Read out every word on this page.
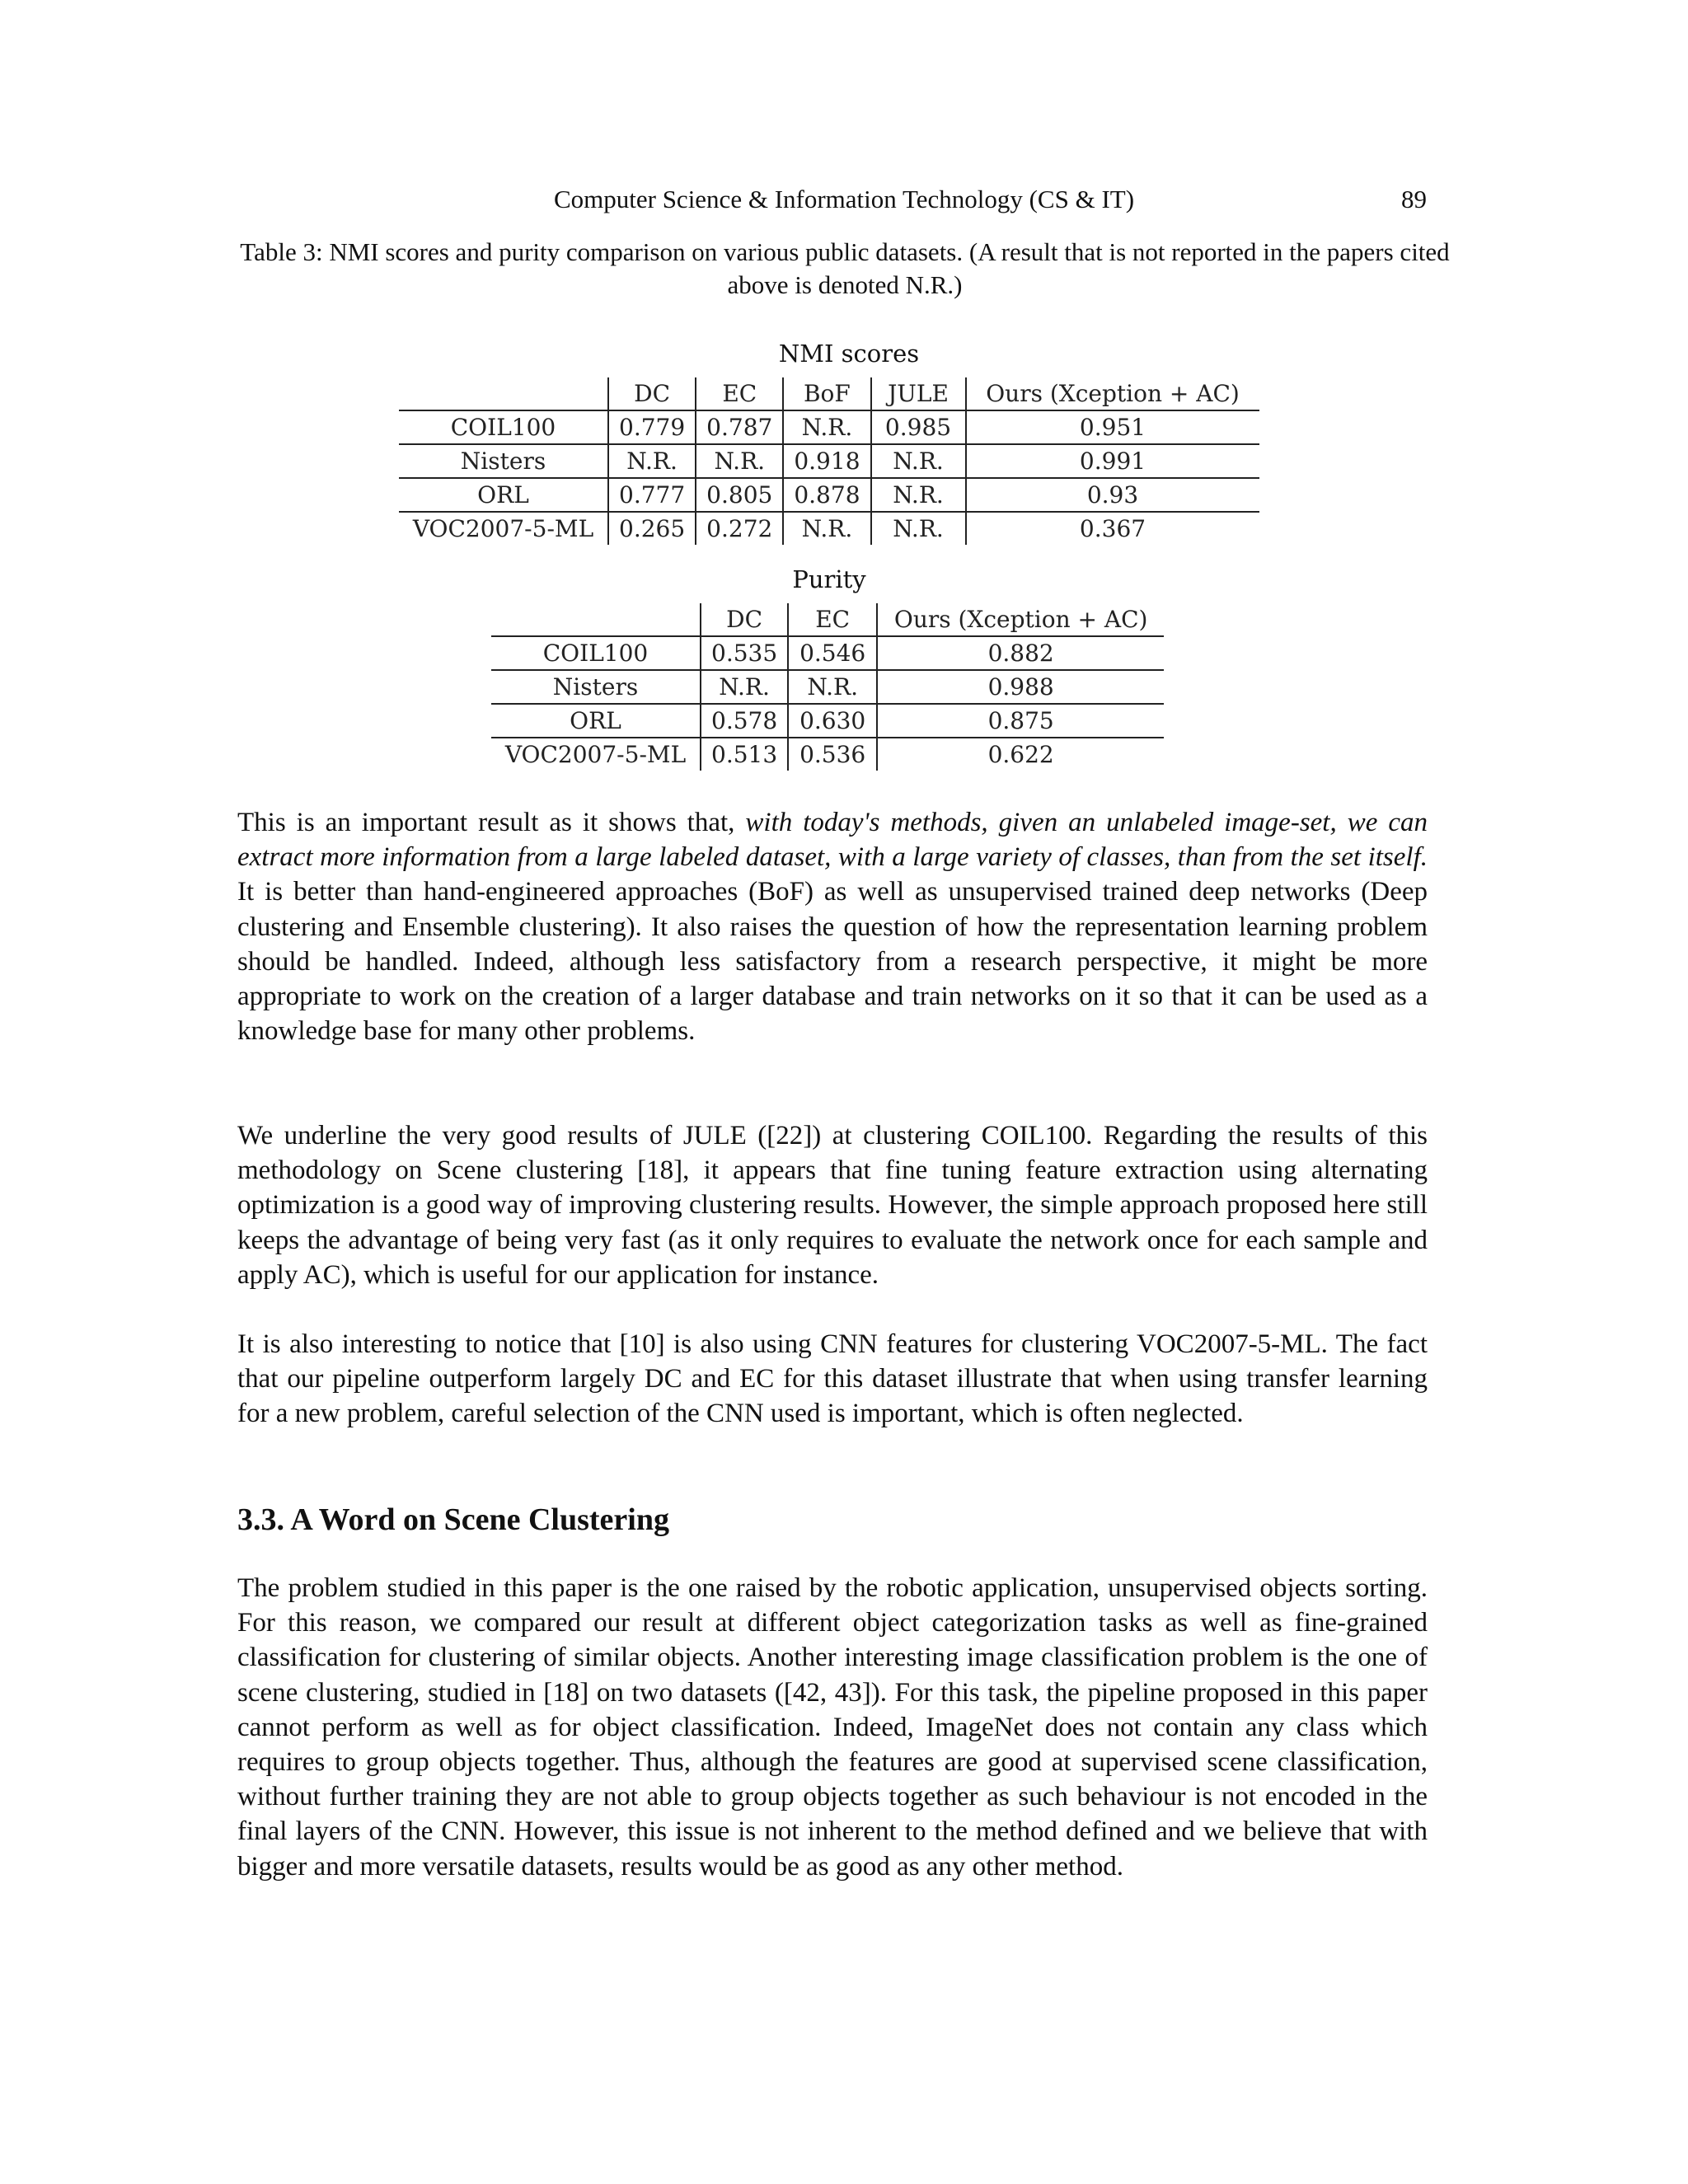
Computer Science & Information Technology (CS & IT)	89
Table 3: NMI scores and purity comparison on various public datasets. (A result that is not reported in the papers cited above is denoted N.R.)
NMI scores
	DC	EC	BoF	JULE	Ours (Xception + AC)
COIL100	0.779	0.787	N.R.	0.985	0.951
Nisters	N.R.	N.R.	0.918	N.R.	0.991
ORL	0.777	0.805	0.878	N.R.	0.93
VOC2007-5-ML	0.265	0.272	N.R.	N.R.	0.367
Purity
	DC	EC	Ours (Xception + AC)
COIL100	0.535	0.546	0.882
Nisters	N.R.	N.R.	0.988
ORL	0.578	0.630	0.875
VOC2007-5-ML	0.513	0.536	0.622

This is an important result as it shows that, with today's methods, given an unlabeled image-set, we can extract more information from a large labeled dataset, with a large variety of classes, than from the set itself. It is better than hand-engineered approaches (BoF) as well as unsupervised trained deep networks (Deep clustering and Ensemble clustering). It also raises the question of how the representation learning problem should be handled. Indeed, although less satisfactory from a research perspective, it might be more appropriate to work on the creation of a larger database and train networks on it so that it can be used as a knowledge base for many other problems.

We underline the very good results of JULE ([22]) at clustering COIL100. Regarding the results of this methodology on Scene clustering [18], it appears that fine tuning feature extraction using alternating optimization is a good way of improving clustering results. However, the simple approach proposed here still keeps the advantage of being very fast (as it only requires to evaluate the network once for each sample and apply AC), which is useful for our application for instance.

It is also interesting to notice that [10] is also using CNN features for clustering VOC2007-5-ML. The fact that our pipeline outperform largely DC and EC for this dataset illustrate that when using transfer learning for a new problem, careful selection of the CNN used is important, which is often neglected.

3.3. A Word on Scene Clustering

The problem studied in this paper is the one raised by the robotic application, unsupervised objects sorting. For this reason, we compared our result at different object categorization tasks as well as fine-grained classification for clustering of similar objects. Another interesting image classification problem is the one of scene clustering, studied in [18] on two datasets ([42, 43]). For this task, the pipeline proposed in this paper cannot perform as well as for object classification. Indeed, ImageNet does not contain any class which requires to group objects together. Thus, although the features are good at supervised scene classification, without further training they are not able to group objects together as such behaviour is not encoded in the final layers of the CNN. However, this issue is not inherent to the method defined and we believe that with bigger and more versatile datasets, results would be as good as any other method.
